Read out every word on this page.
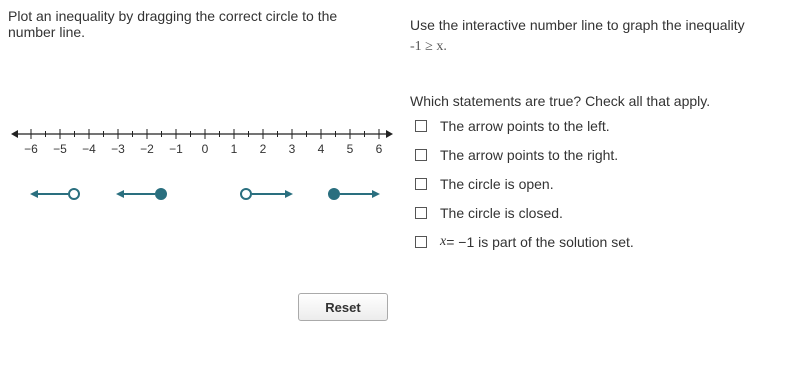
Plot an inequality by dragging the correct circle to the number line.
−6 −5 −4 −3 −2 −1 0 1 2 3 4 5 6
Use the interactive number line to graph the inequality
-1 ≥ x.
Which statements are true? Check all that apply.
The arrow points to the left.
The arrow points to the right.
The circle is open.
The circle is closed.
x = −1 is part of the solution set.
Reset
